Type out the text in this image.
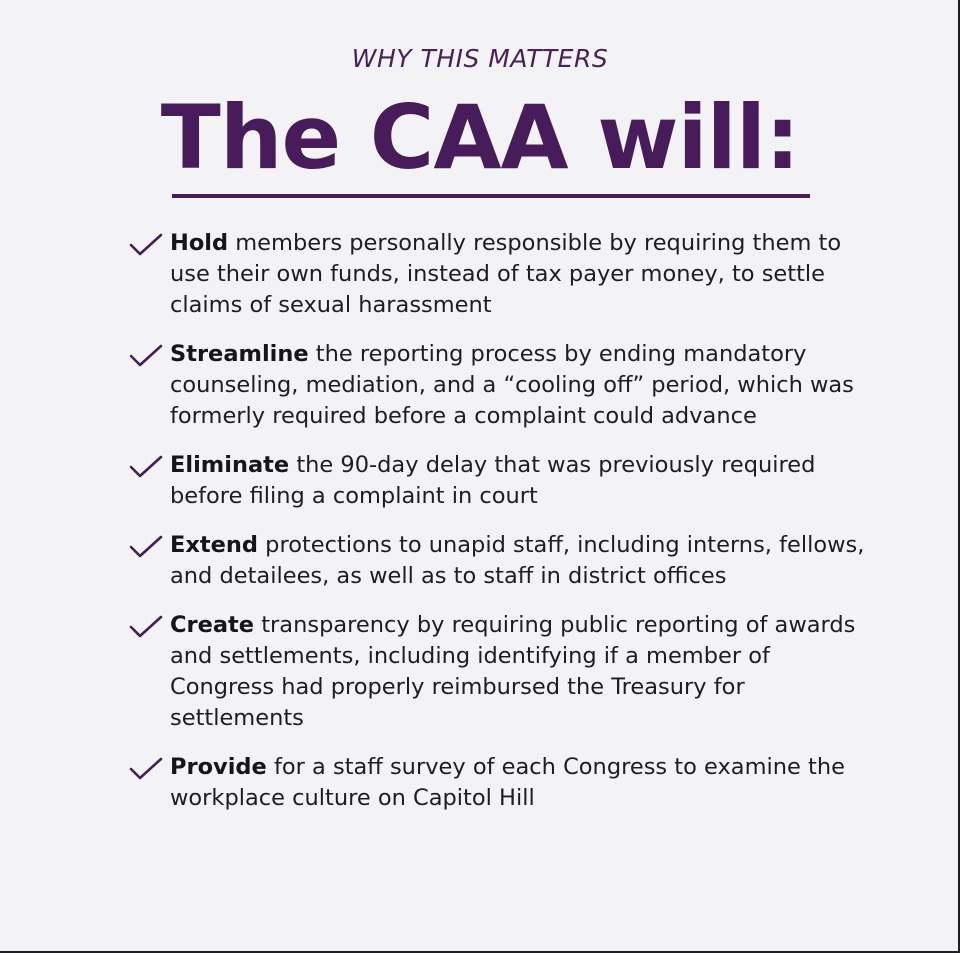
WHY THIS MATTERS
The CAA will:
Hold members personally responsible by requiring them to use their own funds, instead of tax payer money, to settle claims of sexual harassment
Streamline the reporting process by ending mandatory counseling, mediation, and a “cooling off” period, which was formerly required before a complaint could advance
Eliminate the 90-day delay that was previously required before filing a complaint in court
Extend protections to unapid staff, including interns, fellows, and detailees, as well as to staff in district offices
Create transparency by requiring public reporting of awards and settlements, including identifying if a member of Congress had properly reimbursed the Treasury for settlements
Provide for a staff survey of each Congress to examine the workplace culture on Capitol Hill
